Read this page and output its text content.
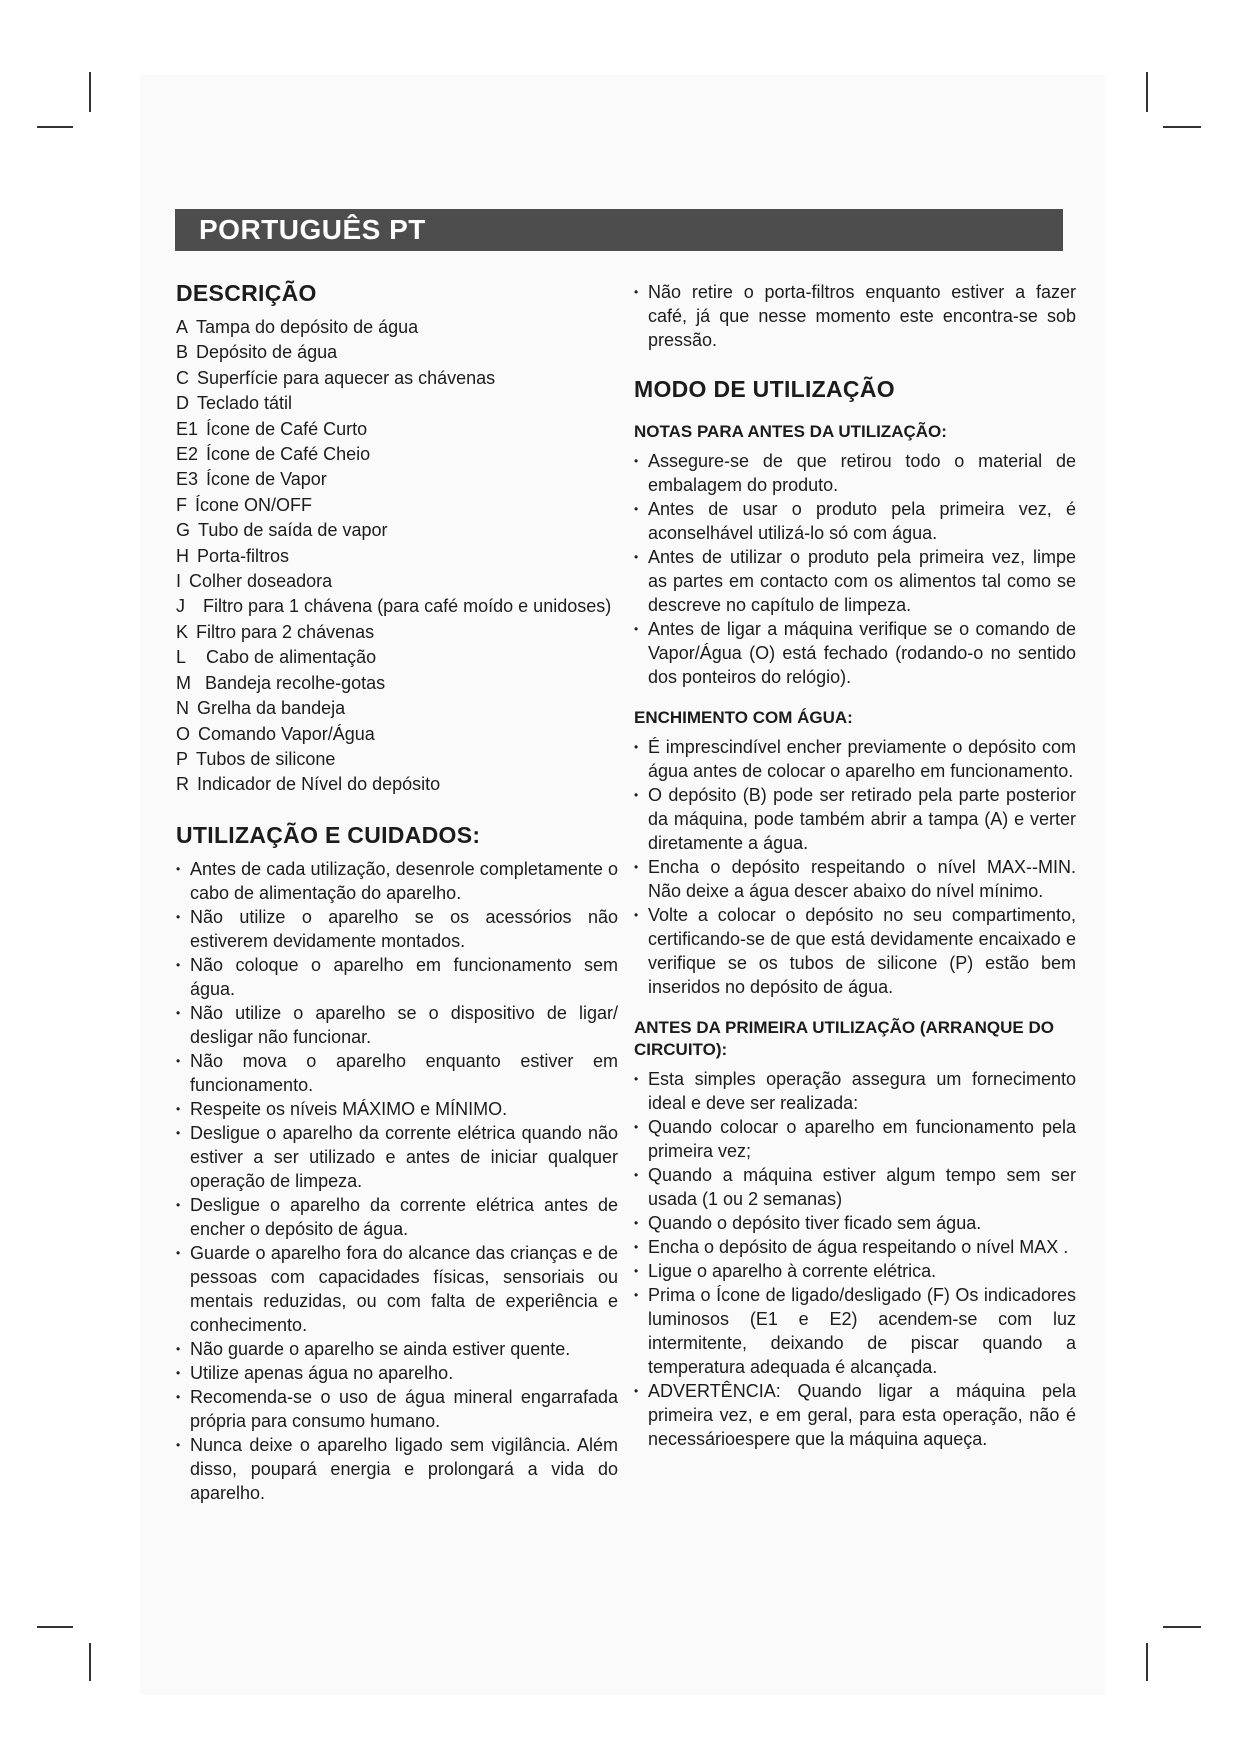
PORTUGUÊS PT
DESCRIÇÃO
A Tampa do depósito de água
B Depósito de água
C Superfície para aquecer as chávenas
D Teclado tátil
E1 Ícone de Café Curto
E2 Ícone de Café Cheio
E3 Ícone de Vapor
F Ícone ON/OFF
G Tubo de saída de vapor
H Porta-filtros
I Colher doseadora
J Filtro para 1 chávena (para café moído e unidoses)
K Filtro para 2 chávenas
L Cabo de alimentação
M Bandeja recolhe-gotas
N Grelha da bandeja
O Comando Vapor/Água
P Tubos de silicone
R Indicador de Nível do depósito
UTILIZAÇÃO E CUIDADOS:
• Antes de cada utilização, desenrole completamente o cabo de alimentação do aparelho.
• Não utilize o aparelho se os acessórios não estiverem devidamente montados.
• Não coloque o aparelho em funcionamento sem água.
• Não utilize o aparelho se o dispositivo de ligar/ desligar não funcionar.
• Não mova o aparelho enquanto estiver em funcionamento.
• Respeite os níveis MÁXIMO e MÍNIMO.
• Desligue o aparelho da corrente elétrica quando não estiver a ser utilizado e antes de iniciar qualquer operação de limpeza.
• Desligue o aparelho da corrente elétrica antes de encher o depósito de água.
• Guarde o aparelho fora do alcance das crianças e de pessoas com capacidades físicas, sensoriais ou mentais reduzidas, ou com falta de experiência e conhecimento.
• Não guarde o aparelho se ainda estiver quente.
• Utilize apenas água no aparelho.
• Recomenda-se o uso de água mineral engarrafada própria para consumo humano.
• Nunca deixe o aparelho ligado sem vigilância. Além disso, poupará energia e prolongará a vida do aparelho.
• Não retire o porta-filtros enquanto estiver a fazer café, já que nesse momento este encontra-se sob pressão.
MODO DE UTILIZAÇÃO
NOTAS PARA ANTES DA UTILIZAÇÃO:
• Assegure-se de que retirou todo o material de embalagem do produto.
• Antes de usar o produto pela primeira vez, é aconselhável utilizá-lo só com água.
• Antes de utilizar o produto pela primeira vez, limpe as partes em contacto com os alimentos tal como se descreve no capítulo de limpeza.
• Antes de ligar a máquina verifique se o comando de Vapor/Água (O) está fechado (rodando-o no sentido dos ponteiros do relógio).
ENCHIMENTO COM ÁGUA:
• É imprescindível encher previamente o depósito com água antes de colocar o aparelho em funcionamento.
• O depósito (B) pode ser retirado pela parte posterior da máquina, pode também abrir a tampa (A) e verter diretamente a água.
• Encha o depósito respeitando o nível MAX--MIN. Não deixe a água descer abaixo do nível mínimo.
• Volte a colocar o depósito no seu compartimento, certificando-se de que está devidamente encaixado e verifique se os tubos de silicone (P) estão bem inseridos no depósito de água.
ANTES DA PRIMEIRA UTILIZAÇÃO (ARRANQUE DO CIRCUITO):
• Esta simples operação assegura um fornecimento ideal e deve ser realizada:
• Quando colocar o aparelho em funcionamento pela primeira vez;
• Quando a máquina estiver algum tempo sem ser usada (1 ou 2 semanas)
• Quando o depósito tiver ficado sem água.
• Encha o depósito de água respeitando o nível MAX .
• Ligue o aparelho à corrente elétrica.
• Prima o Ícone de ligado/desligado (F) Os indicadores luminosos (E1 e E2) acendem-se com luz intermitente, deixando de piscar quando a temperatura adequada é alcançada.
• ADVERTÊNCIA: Quando ligar a máquina pela primeira vez, e em geral, para esta operação, não é necessárioespere que la máquina aqueça.
